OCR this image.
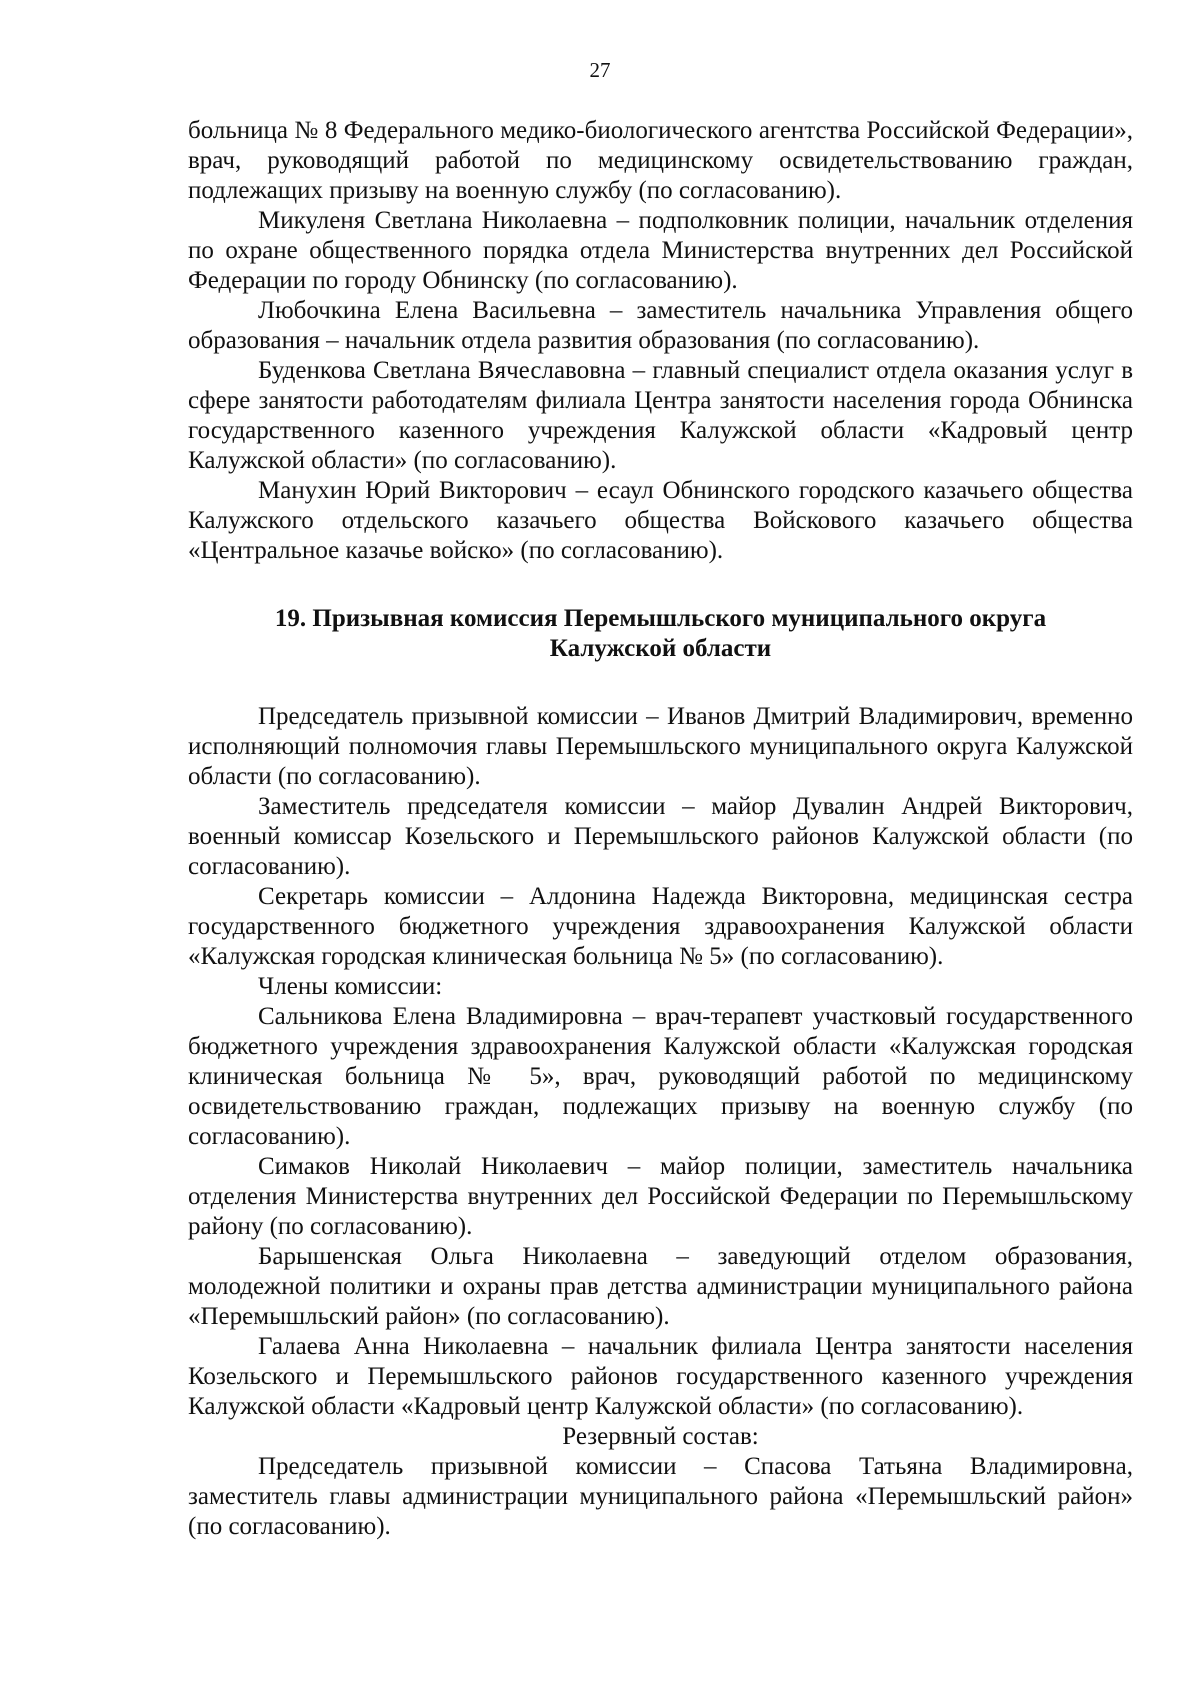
27

больница № 8 Федерального медико-биологического агентства Российской Федерации», врач, руководящий работой по медицинскому освидетельствованию граждан, подлежащих призыву на военную службу (по согласованию).

Микуленя Светлана Николаевна – подполковник полиции, начальник отделения по охране общественного порядка отдела Министерства внутренних дел Российской Федерации по городу Обнинску (по согласованию).

Любочкина Елена Васильевна – заместитель начальника Управления общего образования – начальник отдела развития образования (по согласованию).

Буденкова Светлана Вячеславовна – главный специалист отдела оказания услуг в сфере занятости работодателям филиала Центра занятости населения города Обнинска государственного казенного учреждения Калужской области «Кадровый центр Калужской области» (по согласованию).

Манухин Юрий Викторович – есаул Обнинского городского казачьего общества Калужского отдельского казачьего общества Войскового казачьего общества «Центральное казачье войско» (по согласованию).

19. Призывная комиссия Перемышльского муниципального округа
Калужской области

Председатель призывной комиссии – Иванов Дмитрий Владимирович, временно исполняющий полномочия главы Перемышльского муниципального округа Калужской области (по согласованию).

Заместитель председателя комиссии – майор Дувалин Андрей Викторович, военный комиссар Козельского и Перемышльского районов Калужской области (по согласованию).

Секретарь комиссии – Алдонина Надежда Викторовна, медицинская сестра государственного бюджетного учреждения здравоохранения Калужской области «Калужская городская клиническая больница № 5» (по согласованию).

Члены комиссии:

Сальникова Елена Владимировна – врач-терапевт участковый государственного бюджетного учреждения здравоохранения Калужской области «Калужская городская клиническая больница № 5», врач, руководящий работой по медицинскому освидетельствованию граждан, подлежащих призыву на военную службу (по согласованию).

Симаков Николай Николаевич – майор полиции, заместитель начальника отделения Министерства внутренних дел Российской Федерации по Перемышльскому району (по согласованию).

Барышенская Ольга Николаевна – заведующий отделом образования, молодежной политики и охраны прав детства администрации муниципального района «Перемышльский район» (по согласованию).

Галаева Анна Николаевна – начальник филиала Центра занятости населения Козельского и Перемышльского районов государственного казенного учреждения Калужской области «Кадровый центр Калужской области» (по согласованию).

Резервный состав:

Председатель призывной комиссии – Спасова Татьяна Владимировна, заместитель главы администрации муниципального района «Перемышльский район» (по согласованию).
